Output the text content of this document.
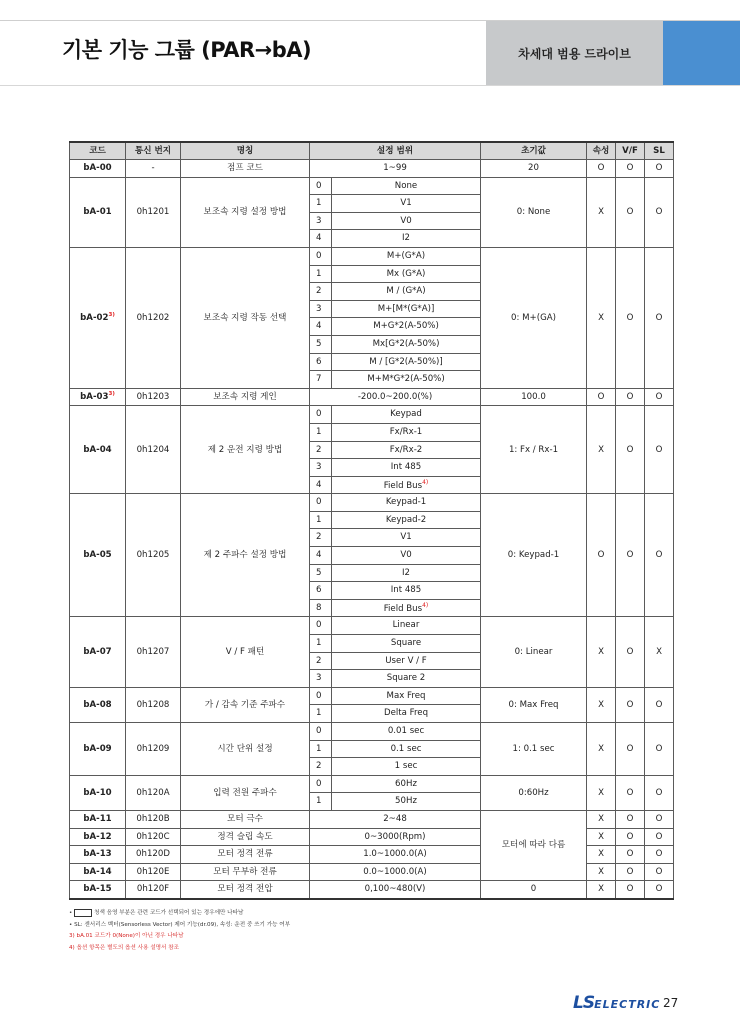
기본 기능 그룹 (PAR→bA)	차세대 범용 드라이브
코드	통신 번지	명칭	설정 범위		초기값	속성	V/F	SL
bA-00	-	점프 코드	1~99		20	O	O	O
bA-01	0h1201	보조속 지령 설정 방법	0	None	0: None	X	O	O
			1	V1				
			3	V0				
			4	I2				
bA-02$^{3)}$	0h1202	보조속 지령 작동 선택	0	M+(G*A)	0: M+(GA)	X	O	O
			1	Mx (G*A)				
			2	M / (G*A)				
			3	M+[M*(G*A)]				
			4	M+G*2(A-50%)				
			5	Mx[G*2(A-50%)				
			6	M / [G*2(A-50%)]				
			7	M+M*G*2(A-50%)				
bA-03$^{3)}$	0h1203	보조속 지령 게인	-200.0~200.0(%)		100.0	O	O	O
bA-04	0h1204	제 2 운전 지령 방법	0	Keypad	1: Fx / Rx-1	X	O	O
			1	Fx/Rx-1				
			2	Fx/Rx-2				
			3	Int 485				
			4	Field Bus$^{4)}$
bA-05	0h1205	제 2 주파수 설정 방법	0	Keypad-1	0: Keypad-1	O	O	O
			1	Keypad-2				
			2	V1				
			4	V0				
			5	I2				
			6	Int 485				
			8	Field Bus$^{4)}$
bA-07	0h1207	V / F 패턴	0	Linear	0: Linear	X	O	X
			1	Square				
			2	User V / F				
			3	Square 2				
bA-08	0h1208	가 / 감속 기준 주파수	0	Max Freq	0: Max Freq	X	O	O
			1	Delta Freq				
bA-09	0h1209	시간 단위 설정	0	0.01 sec	1: 0.1 sec	X	O	O
			1	0.1 sec				
			2	1 sec				
bA-10	0h120A	입력 전원 주파수	0	60Hz	0:60Hz	X	O	O
			1	50Hz				
bA-11	0h120B	모터 극수	2~48		모터에 따라 다름	X	O	O
bA-12	0h120C	정격 슬립 속도	0~3000(Rpm)			X	O	O
bA-13	0h120D	모터 정격 전류	1.0~1000.0(A)			X	O	O
bA-14	0h120E	모터 무부하 전류	0.0~1000.0(A)			X	O	O
bA-15	0h120F	모터 정격 전압	0,100~480(V)		0	X	O	O
•	청색 음영 부분은 관련 코드가 선택되어 있는 경우에만 나타남
• SL: 센서리스 벡터(Sensorless Vector) 제어 기능(dr.09), 속성: 운전 중 쓰기 가능 여부
3) bA.01 코드가 0(None)이 아닌 경우 나타남
4) 옵션 항목은 별도의 옵션 사용 설명서 참조
LSELECTRIC 27
